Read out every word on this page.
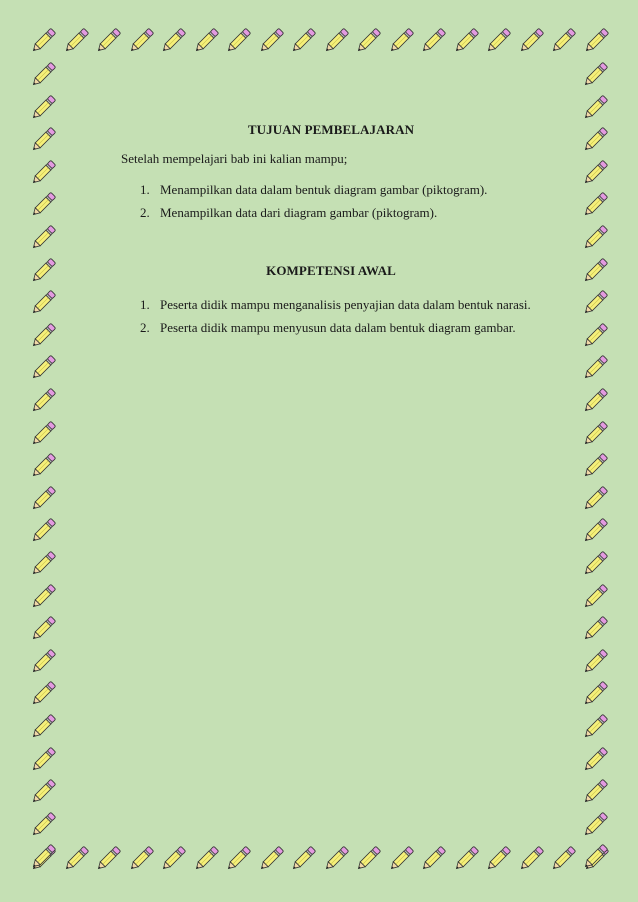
TUJUAN PEMBELAJARAN
Setelah mempelajari bab ini kalian mampu;
1. Menampilkan data dalam bentuk diagram gambar (piktogram).
2. Menampilkan data dari diagram gambar (piktogram).
KOMPETENSI AWAL
1. Peserta didik mampu menganalisis penyajian data dalam bentuk narasi.
2. Peserta didik mampu menyusun data dalam bentuk diagram gambar.
